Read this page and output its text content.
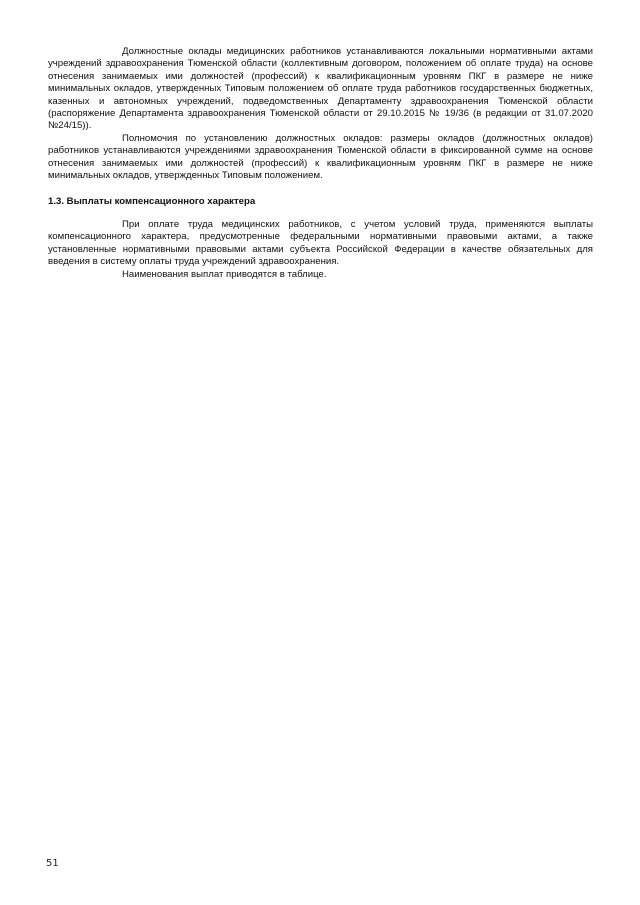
Должностные оклады медицинских работников устанавливаются локальными нормативными актами учреждений здравоохранения Тюменской области (коллективным договором, положением об оплате труда) на основе отнесения занимаемых ими должностей (профессий) к квалификационным уровням ПКГ в размере не ниже минимальных окладов, утвержденных Типовым положением об оплате труда работников государственных бюджетных, казенных и автономных учреждений, подведомственных Департаменту здравоохранения Тюменской области (распоряжение Департамента здравоохранения Тюменской области от 29.10.2015 № 19/36 (в редакции от 31.07.2020 №24/15)).

Полномочия по установлению должностных окладов: размеры окладов (должностных окладов) работников устанавливаются учреждениями здравоохранения Тюменской области в фиксированной сумме на основе отнесения занимаемых ими должностей (профессий) к квалификационным уровням ПКГ в размере не ниже минимальных окладов, утвержденных Типовым положением.

1.3. Выплаты компенсационного характера

При оплате труда медицинских работников, с учетом условий труда, применяются выплаты компенсационного характера, предусмотренные федеральными нормативными правовыми актами, а также установленные нормативными правовыми актами субъекта Российской Федерации в качестве обязательных для введения в систему оплаты труда учреждений здравоохранения.

Наименования выплат приводятся в таблице.

51
